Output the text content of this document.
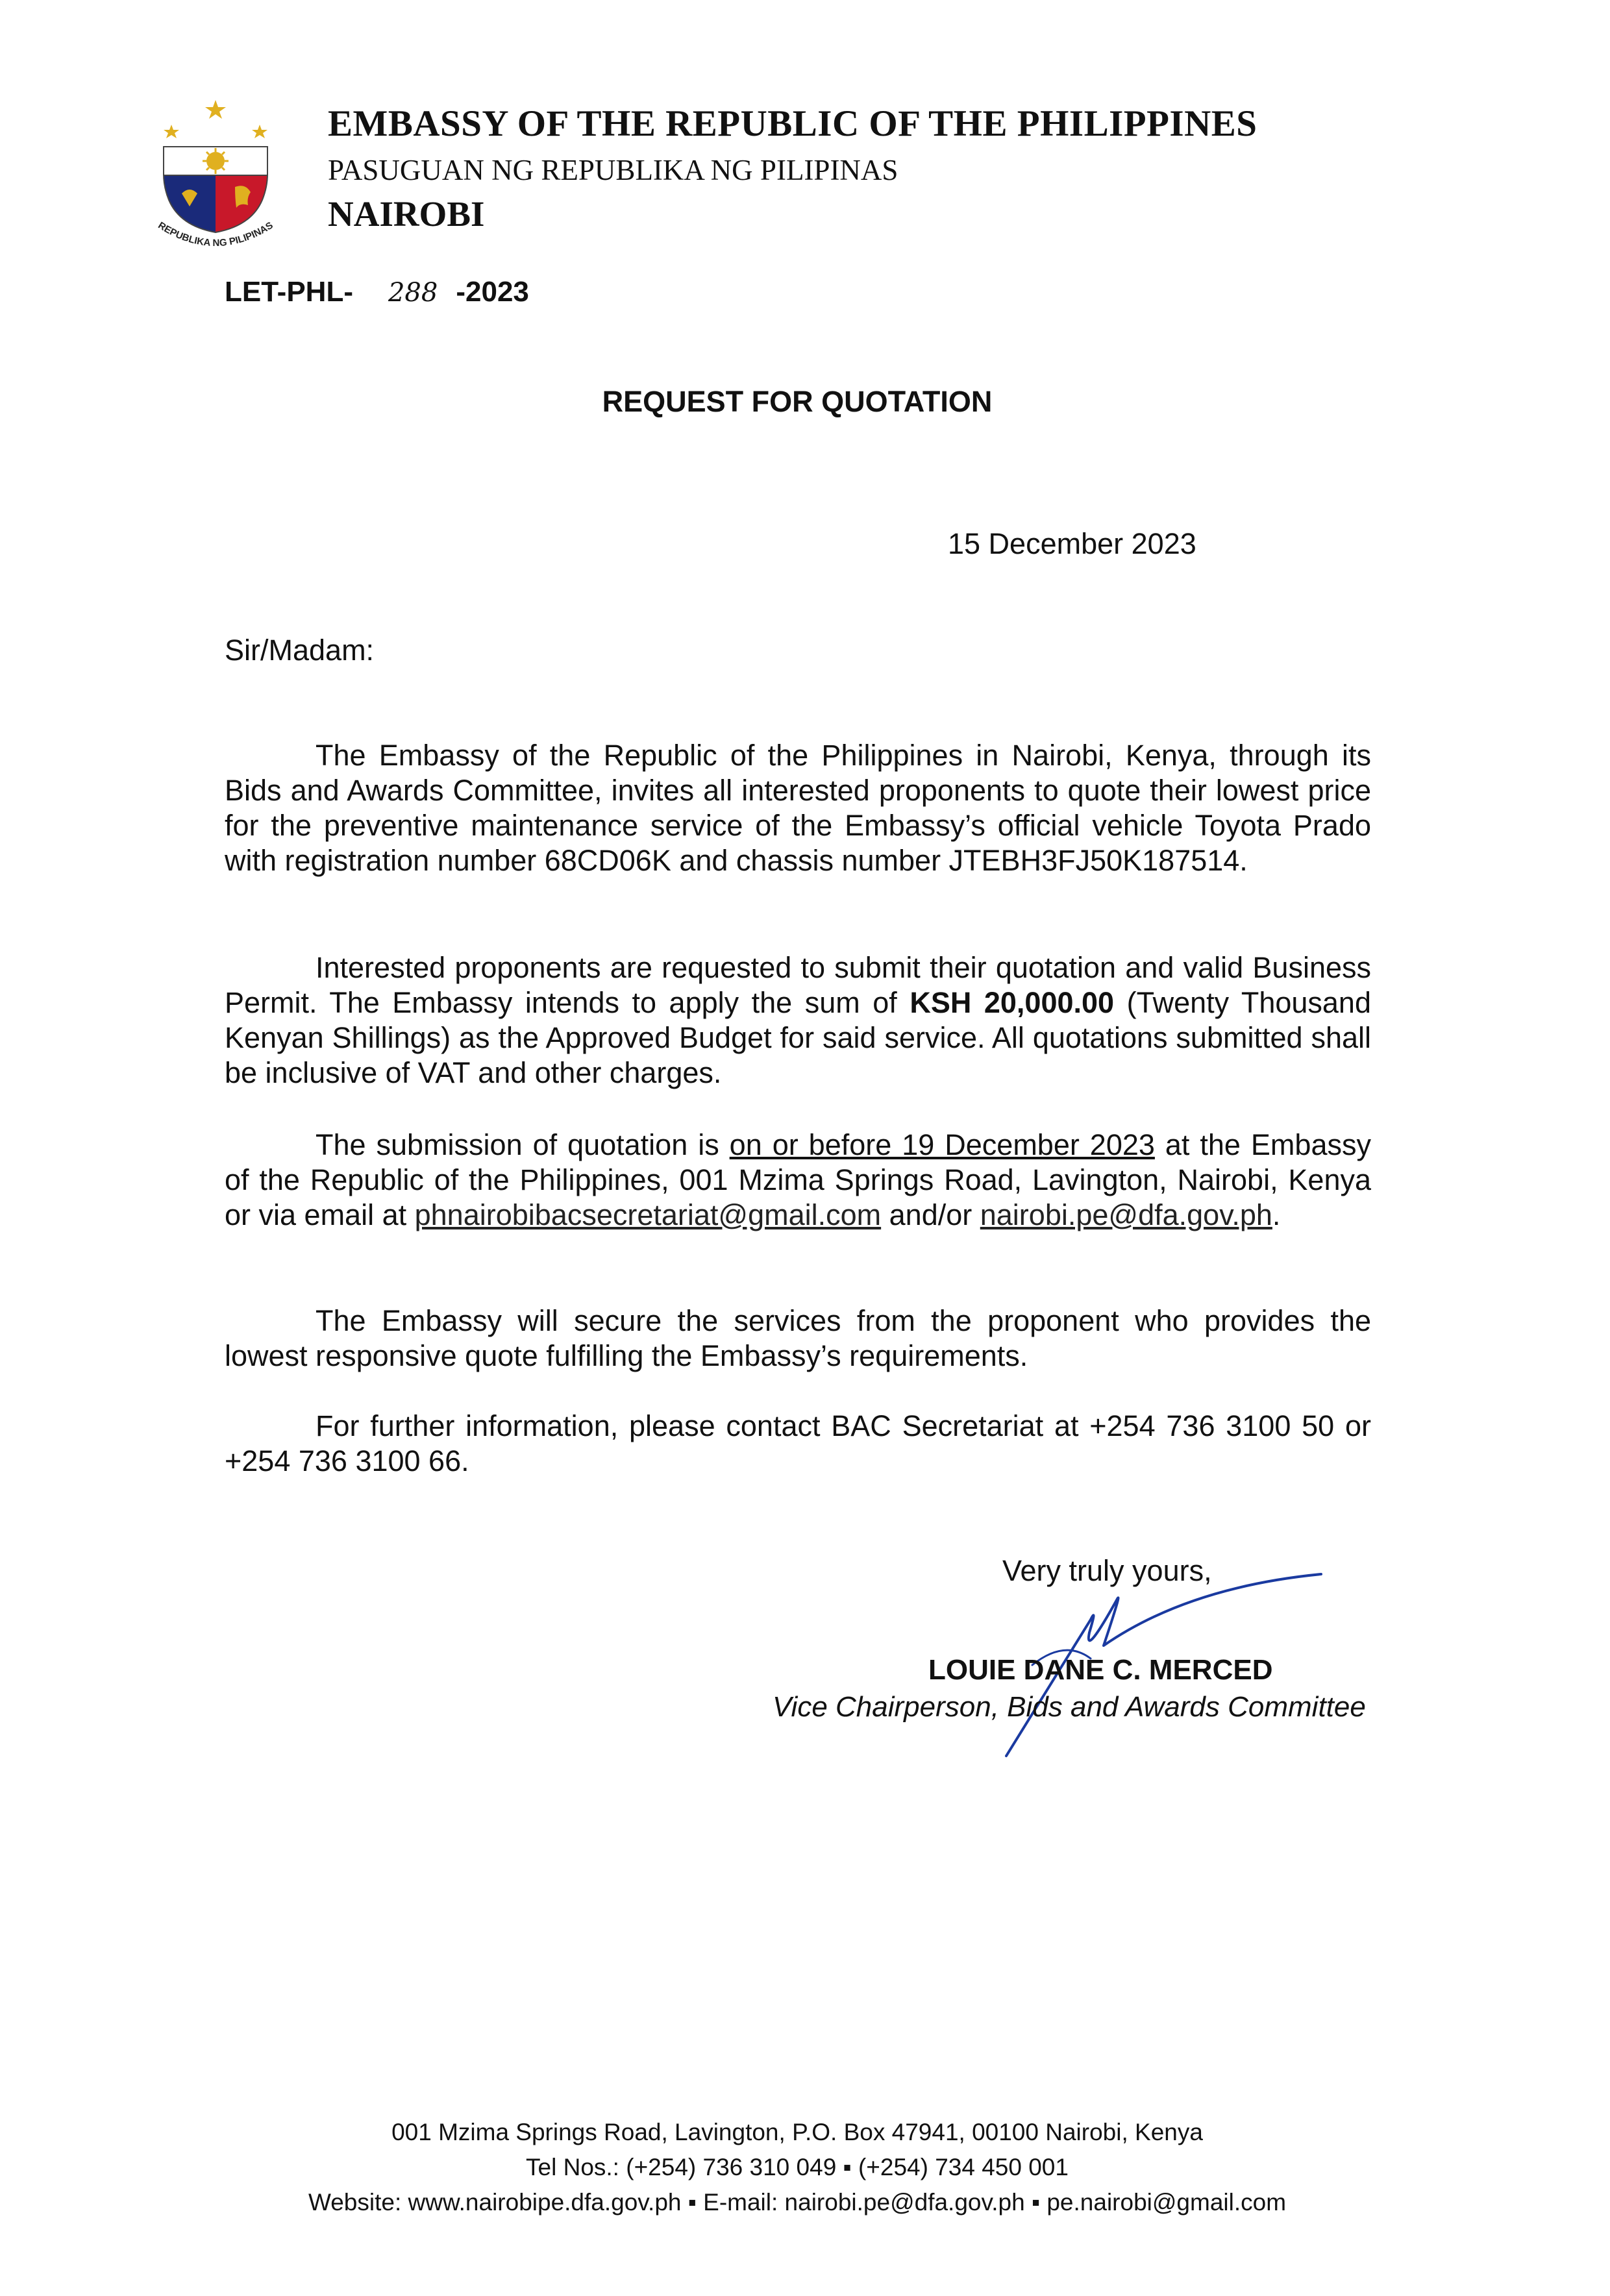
REPUBLIKA NG PILIPINAS
EMBASSY OF THE REPUBLIC OF THE PHILIPPINES
PASUGUAN NG REPUBLIKA NG PILIPINAS
NAIROBI
LET-PHL- 288 -2023
REQUEST FOR QUOTATION
15 December 2023
Sir/Madam:

The Embassy of the Republic of the Philippines in Nairobi, Kenya, through its Bids and Awards Committee, invites all interested proponents to quote their lowest price for the preventive maintenance service of the Embassy’s official vehicle Toyota Prado with registration number 68CD06K and chassis number JTEBH3FJ50K187514.

Interested proponents are requested to submit their quotation and valid Business Permit. The Embassy intends to apply the sum of KSH 20,000.00 (Twenty Thousand Kenyan Shillings) as the Approved Budget for said service. All quotations submitted shall be inclusive of VAT and other charges.

The submission of quotation is on or before 19 December 2023 at the Embassy of the Republic of the Philippines, 001 Mzima Springs Road, Lavington, Nairobi, Kenya or via email at phnairobibacsecretariat@gmail.com and/or nairobi.pe@dfa.gov.ph.

The Embassy will secure the services from the proponent who provides the lowest responsive quote fulfilling the Embassy’s requirements.

For further information, please contact BAC Secretariat at +254 736 3100 50 or +254 736 3100 66.

Very truly yours,
LOUIE DANE C. MERCED
Vice Chairperson, Bids and Awards Committee
001 Mzima Springs Road, Lavington, P.O. Box 47941, 00100 Nairobi, Kenya
Tel Nos.: (+254) 736 310 049 ▪ (+254) 734 450 001
Website: www.nairobipe.dfa.gov.ph ▪ E-mail: nairobi.pe@dfa.gov.ph ▪ pe.nairobi@gmail.com
